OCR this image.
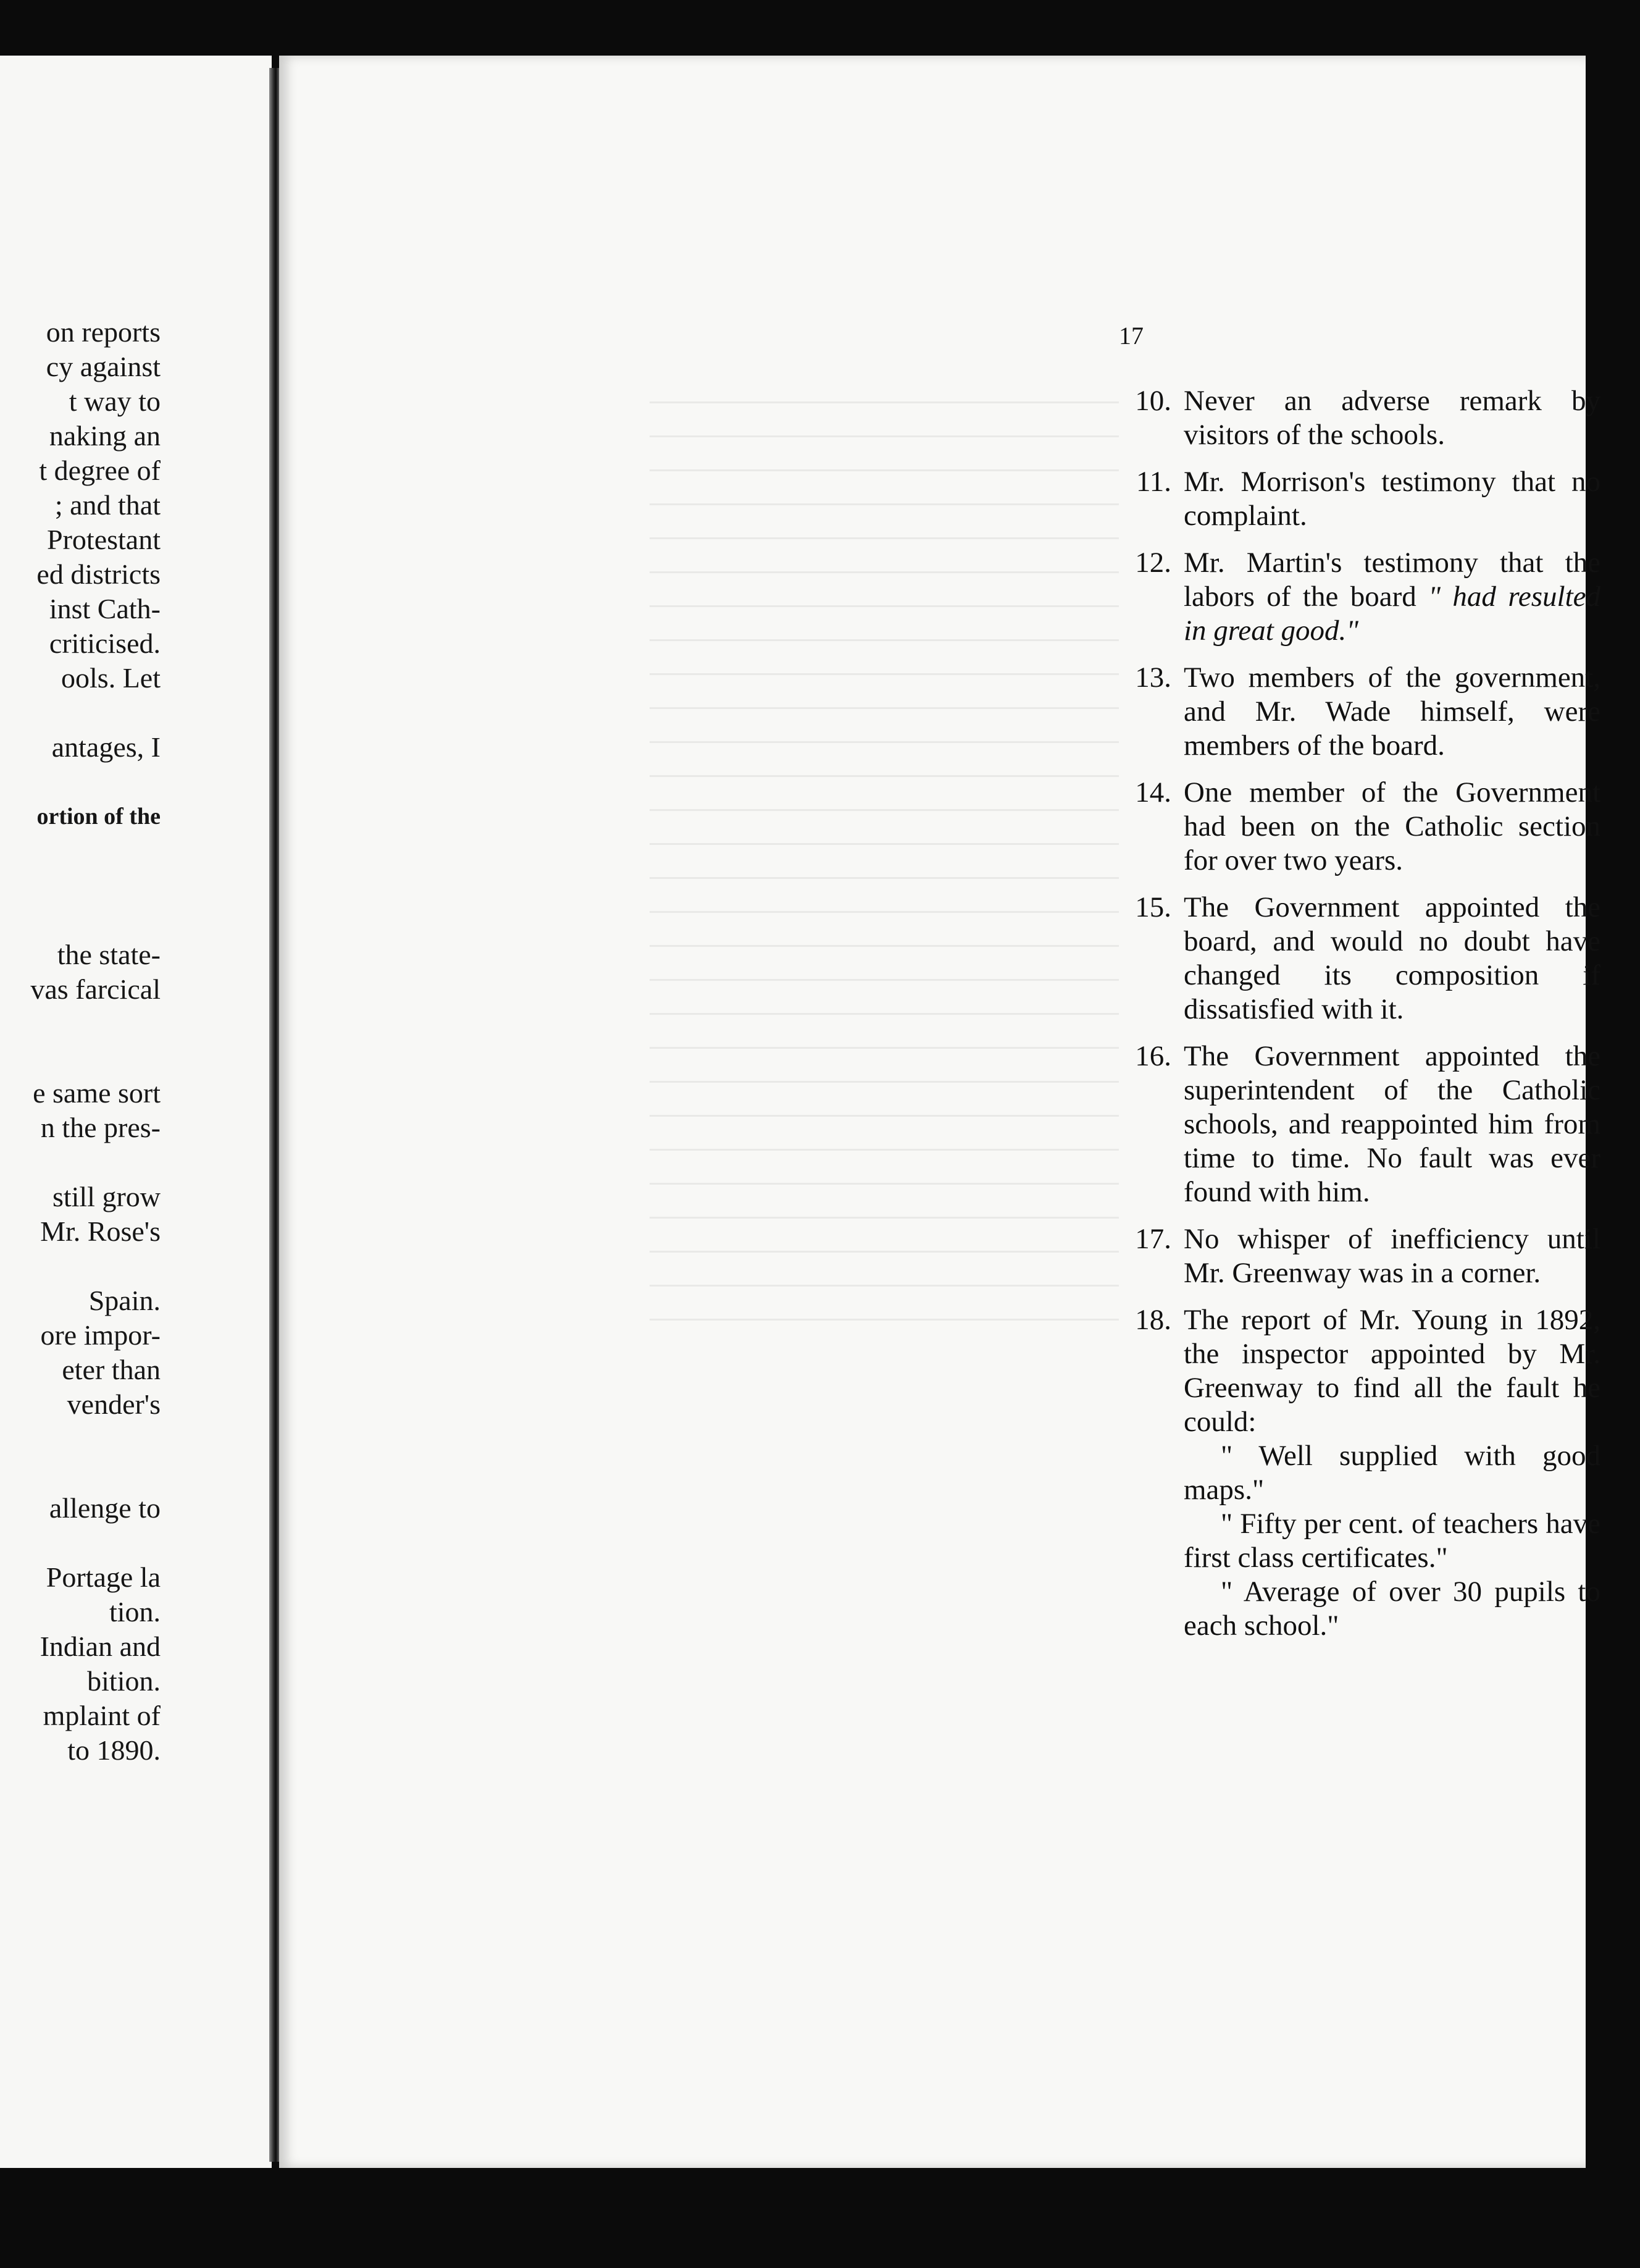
on reports
cy against
t way to
naking an
t degree of
; and that
Protestant
ed districts
inst Cath-
criticised.
ools. Let
antages, I
ortion of the
the state-
vas farcical
e same sort
n the pres-
still grow
Mr. Rose's
Spain.
ore impor-
eter than
vender's
allenge to
Portage la
tion.
Indian and
bition.
mplaint of
to 1890.
17
10. Never an adverse remark by visitors of the schools.
11. Mr. Morrison's testimony that no complaint.
12. Mr. Martin's testimony that the labors of the board " had resulted in great good."
13. Two members of the government, and Mr. Wade himself, were members of the board.
14. One member of the Government had been on the Catholic section for over two years.
15. The Government appointed the board, and would no doubt have changed its composition if dissatisfied with it.
16. The Government appointed the superintendent of the Catholic schools, and reappointed him from time to time. No fault was ever found with him.
17. No whisper of inefficiency until Mr. Greenway was in a corner.
18. The report of Mr. Young in 1892, the inspector appointed by Mr. Greenway to find all the fault he could:
" Well supplied with good maps."
" Fifty per cent. of teachers have first class certificates."
" Average of over 30 pupils to each school."
